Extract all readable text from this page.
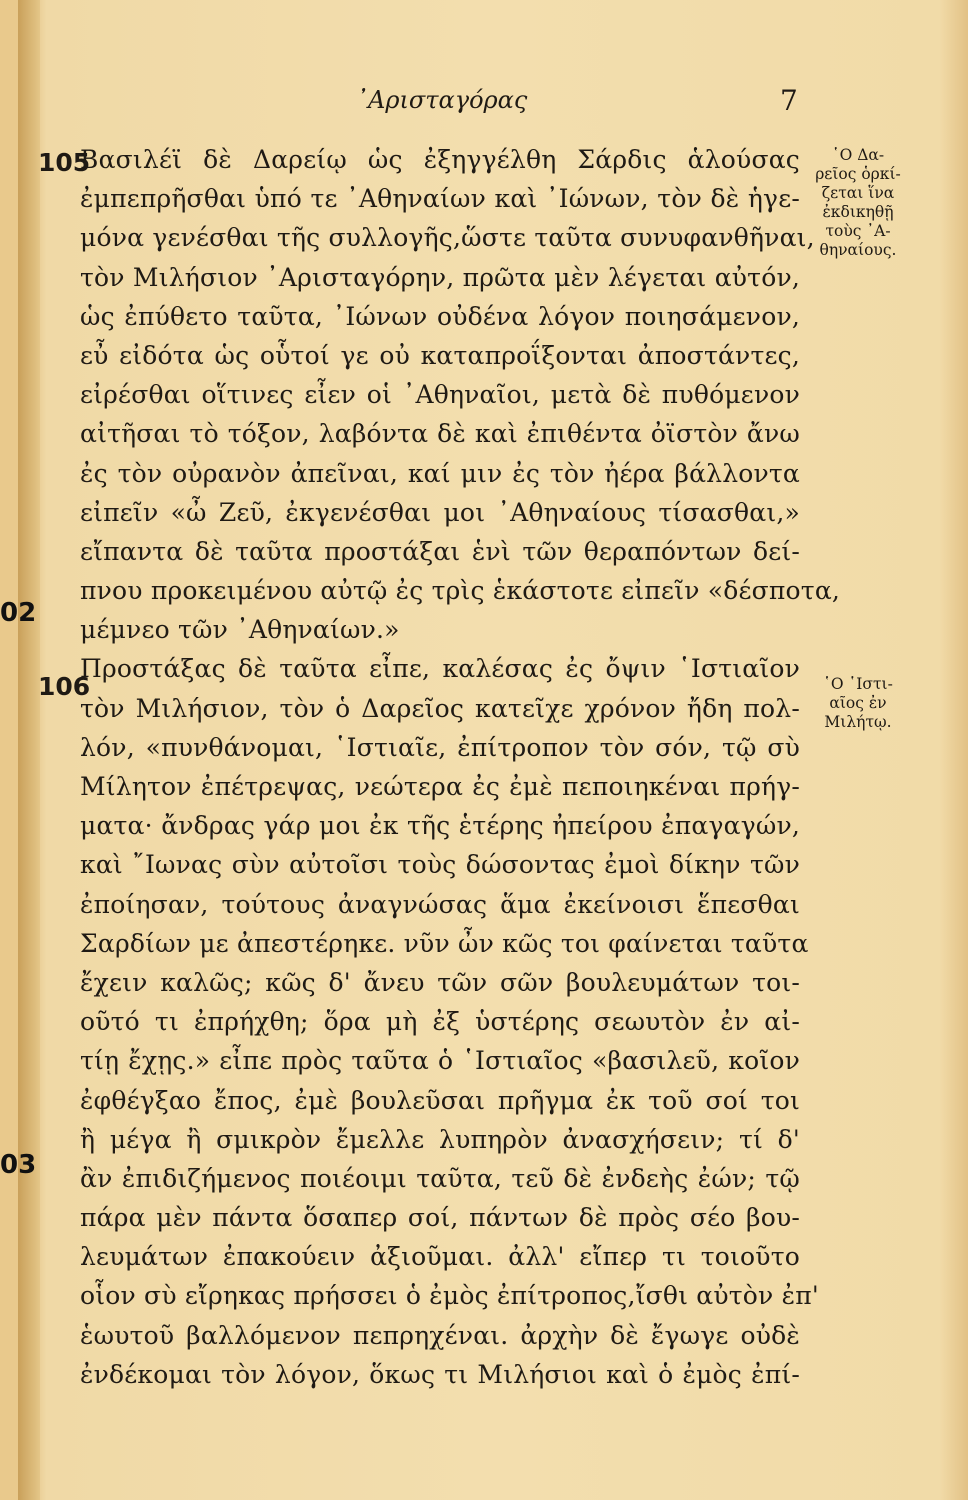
02
03
᾿Αρισταγόρας	7
105
106
῾Ο Δα-
ρεῖος ὁρκί-
ζεται ἵνα
ἐκδικηθῇ
τοὺς ᾿Α-
θηναίους.
῾Ο ῾Ιστι-
αῖος ἐν
Μιλήτῳ.
Βασιλέϊ δὲ Δαρείῳ ὡς ἐξηγγέλθη Σάρδις ἁλούσας
ἐμπεπρῆσθαι ὑπό τε ᾿Αθηναίων καὶ ᾿Ιώνων, τὸν δὲ ἡγε-
μόνα γενέσθαι τῆς συλλογῆς,ὥστε ταῦτα συνυφανθῆναι,
τὸν Μιλήσιον ᾿Αρισταγόρην, πρῶτα μὲν λέγεται αὐτόν,
ὡς ἐπύθετο ταῦτα, ᾿Ιώνων οὐδένα λόγον ποιησάμενον,
εὖ εἰδότα ὡς οὗτοί γε οὐ καταπροΐξονται ἀποστάντες,
εἰρέσθαι οἵτινες εἶεν οἱ ᾿Αθηναῖοι, μετὰ δὲ πυθόμενον
αἰτῆσαι τὸ τόξον, λαβόντα δὲ καὶ ἐπιθέντα ὀϊστὸν ἄνω
ἐς τὸν οὐρανὸν ἀπεῖναι, καί μιν ἐς τὸν ἠέρα βάλλοντα
εἰπεῖν «ὦ Ζεῦ, ἐκγενέσθαι μοι ᾿Αθηναίους τίσασθαι,»
εἴπαντα δὲ ταῦτα προστάξαι ἑνὶ τῶν θεραπόντων δεί-
πνου προκειμένου αὐτῷ ἐς τρὶς ἑκάστοτε εἰπεῖν «δέσποτα,
μέμνεο τῶν ᾿Αθηναίων.»
Προστάξας δὲ ταῦτα εἶπε, καλέσας ἐς ὄψιν ῾Ιστιαῖον
τὸν Μιλήσιον, τὸν ὁ Δαρεῖος κατεῖχε χρόνον ἤδη πολ-
λόν, «πυνθάνομαι, ῾Ιστιαῖε, ἐπίτροπον τὸν σόν, τῷ σὺ
Μίλητον ἐπέτρεψας, νεώτερα ἐς ἐμὲ πεποιηκέναι πρήγ-
ματα· ἄνδρας γάρ μοι ἐκ τῆς ἑτέρης ἠπείρου ἐπαγαγών,
καὶ ῎Ιωνας σὺν αὐτοῖσι τοὺς δώσοντας ἐμοὶ δίκην τῶν
ἐποίησαν, τούτους ἀναγνώσας ἅμα ἐκείνοισι ἕπεσθαι
Σαρδίων με ἀπεστέρηκε. νῦν ὦν κῶς τοι φαίνεται ταῦτα
ἔχειν καλῶς; κῶς δ' ἄνευ τῶν σῶν βουλευμάτων τοι-
οῦτό τι ἐπρήχθη; ὅρα μὴ ἐξ ὑστέρης σεωυτὸν ἐν αἰ-
τίῃ ἔχῃς.» εἶπε πρὸς ταῦτα ὁ ῾Ιστιαῖος «βασιλεῦ, κοῖον
ἐφθέγξαο ἔπος, ἐμὲ βουλεῦσαι πρῆγμα ἐκ τοῦ σοί τοι
ἢ μέγα ἢ σμικρὸν ἔμελλε λυπηρὸν ἀνασχήσειν; τί δ'
ἂν ἐπιδιζήμενος ποιέοιμι ταῦτα, τεῦ δὲ ἐνδεὴς ἐών; τῷ
πάρα μὲν πάντα ὅσαπερ σοί, πάντων δὲ πρὸς σέο βου-
λευμάτων ἐπακούειν ἀξιοῦμαι. ἀλλ' εἴπερ τι τοιοῦτο
οἷον σὺ εἴρηκας πρήσσει ὁ ἐμὸς ἐπίτροπος,ἴσθι αὐτὸν ἐπ'
ἑωυτοῦ βαλλόμενον πεπρηχέναι. ἀρχὴν δὲ ἔγωγε οὐδὲ
ἐνδέκομαι τὸν λόγον, ὅκως τι Μιλήσιοι καὶ ὁ ἐμὸς ἐπί-
